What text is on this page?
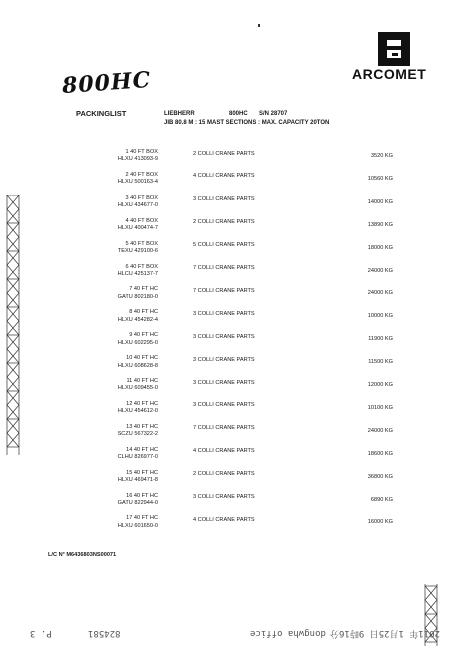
800HC	ARCOMET
PACKINGLIST	LIEBHERR	800HC S/N 28707
JIB 80.8 M : 15 MAST SECTIONS : MAX. CAPACITY 20TON
1 40 FT BOX
HLXU 413093-9
2 COLLI CRANE PARTS	3520 KG
2 40 FT BOX
HLXU 500163-4
4 COLLI CRANE PARTS	10560 KG
3 40 FT BOX
HLXU 434677-0
3 COLLI CRANE PARTS	14000 KG
4 40 FT BOX
HLXU 400474-7
2 COLLI CRANE PARTS	13890 KG
5 40 FT BOX
TEXU 429100-6
5 COLLI CRANE PARTS	18000 KG
6 40 FT BOX
HLCU 425137-7
7 COLLI CRANE PARTS	24000 KG
7 40 FT HC
GATU 802180-0
7 COLLI CRANE PARTS	24000 KG
8 40 FT HC
HLXU 454282-4
3 COLLI CRANE PARTS	10000 KG
9 40 FT HC
HLXU 602295-0
3 COLLI CRANE PARTS	11900 KG
10 40 FT HC
HLXU 608628-8
3 COLLI CRANE PARTS	11500 KG
11 40 FT HC
HLXU 609455-0
3 COLLI CRANE PARTS	12000 KG
12 40 FT HC
HLXU 454612-0
3 COLLI CRANE PARTS	10100 KG
13 40 FT HC
SCZU 567322-2
7 COLLI CRANE PARTS	24000 KG
14 40 FT HC
CLHU 826977-0
4 COLLI CRANE PARTS	18600 KG
15 40 FT HC
HLXU 469471-8
2 COLLI CRANE PARTS	36800 KG
16 40 FT HC
GATU 822944-0
3 COLLI CRANE PARTS	6890 KG
17 40 FT HC
HLXU 601650-0
4 COLLI CRANE PARTS	16000 KG
L/C N° M6436803NS00071
P. 3	824581	dongwha office 2011年 1月25日 9時16分
